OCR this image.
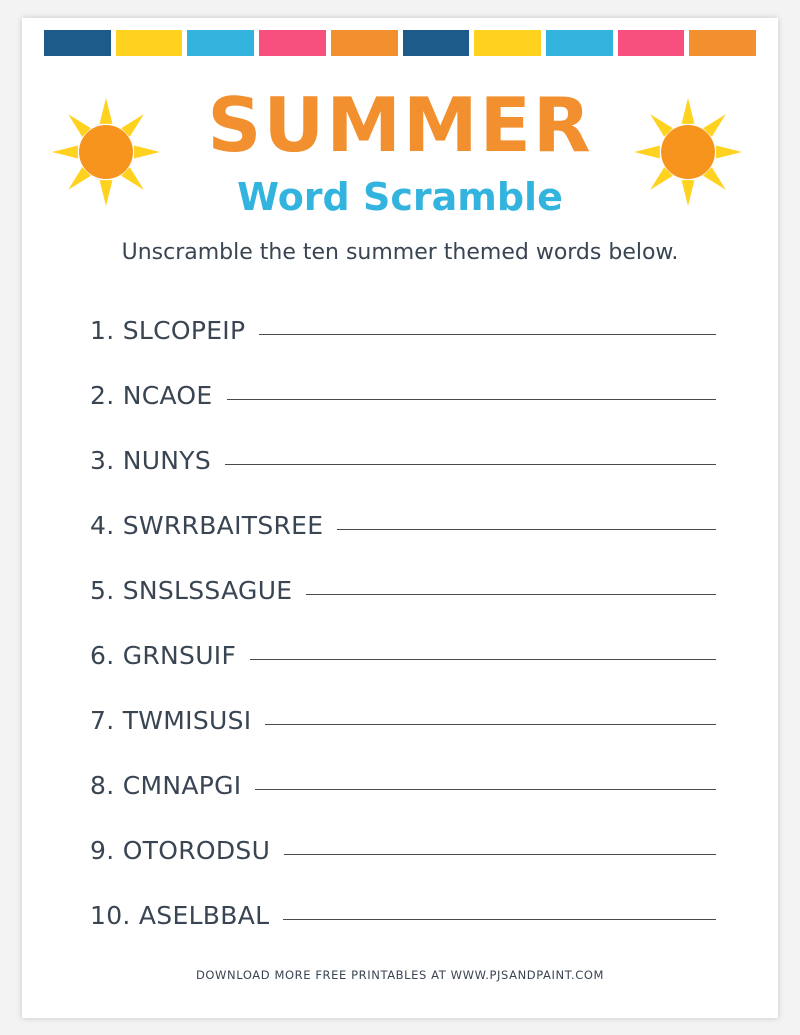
SUMMER
Word Scramble
Unscramble the ten summer themed words below.
1. SLCOPEIP
2. NCAOE
3. NUNYS
4. SWRRBAITSREE
5. SNSLSSAGUE
6. GRNSUIF
7. TWMISUSI
8. CMNAPGI
9. OTORODSU
10. ASELBBAL
DOWNLOAD MORE FREE PRINTABLES AT WWW.PJSANDPAINT.COM
